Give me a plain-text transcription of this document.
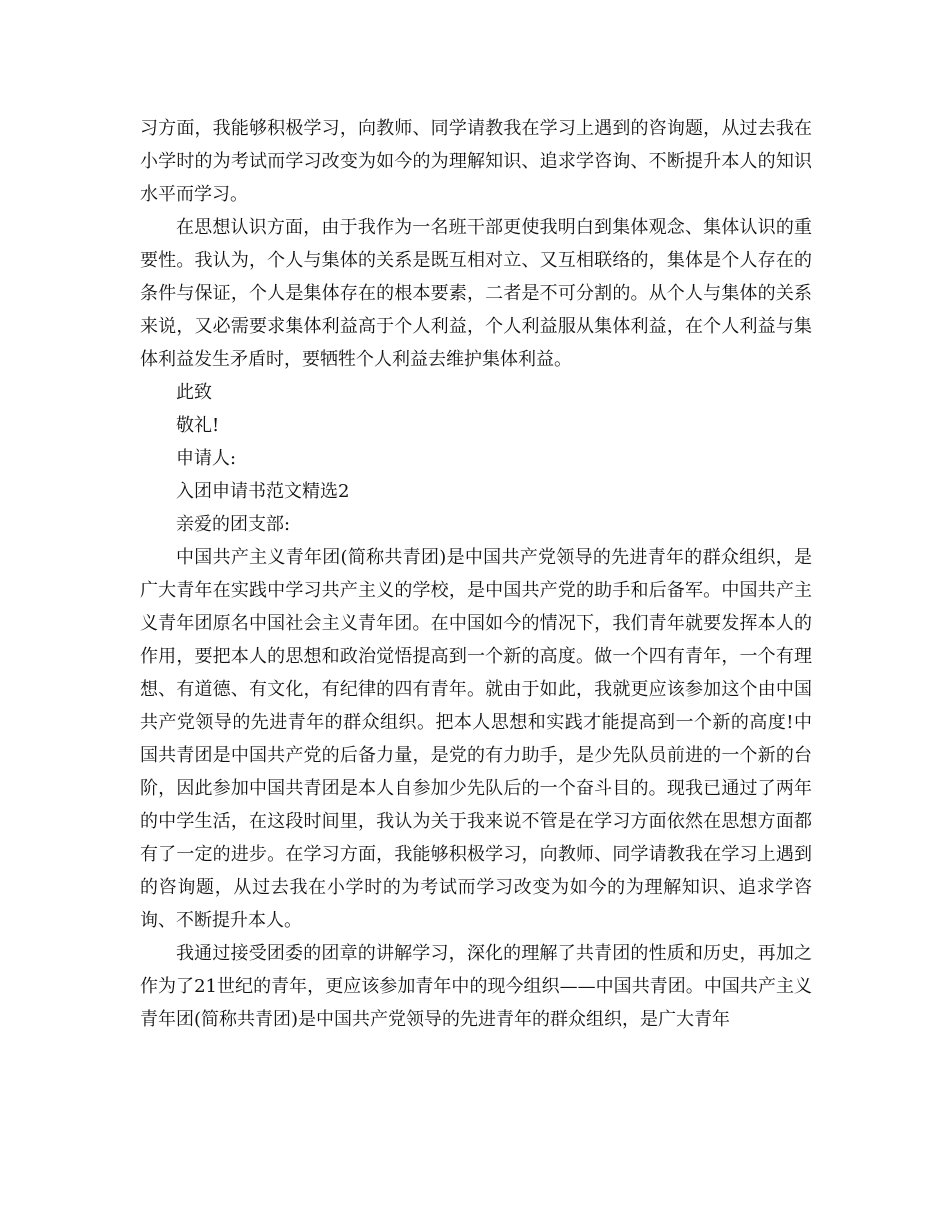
习方面，我能够积极学习，向教师、同学请教我在学习上遇到的咨询题，从过去我在小学时的为考试而学习改变为如今的为理解知识、追求学咨询、不断提升本人的知识水平而学习。

在思想认识方面，由于我作为一名班干部更使我明白到集体观念、集体认识的重要性。我认为，个人与集体的关系是既互相对立、又互相联络的，集体是个人存在的条件与保证，个人是集体存在的根本要素，二者是不可分割的。从个人与集体的关系来说，又必需要求集体利益高于个人利益，个人利益服从集体利益，在个人利益与集体利益发生矛盾时，要牺牲个人利益去维护集体利益。

此致

敬礼!

申请人:

入团申请书范文精选2

亲爱的团支部:

中国共产主义青年团(简称共青团)是中国共产党领导的先进青年的群众组织，是广大青年在实践中学习共产主义的学校，是中国共产党的助手和后备军。中国共产主义青年团原名中国社会主义青年团。在中国如今的情况下，我们青年就要发挥本人的作用，要把本人的思想和政治觉悟提高到一个新的高度。做一个四有青年，一个有理想、有道德、有文化，有纪律的四有青年。就由于如此，我就更应该参加这个由中国共产党领导的先进青年的群众组织。把本人思想和实践才能提高到一个新的高度!中国共青团是中国共产党的后备力量，是党的有力助手，是少先队员前进的一个新的台阶，因此参加中国共青团是本人自参加少先队后的一个奋斗目的。现我已通过了两年的中学生活，在这段时间里，我认为关于我来说不管是在学习方面依然在思想方面都有了一定的进步。在学习方面，我能够积极学习，向教师、同学请教我在学习上遇到的咨询题，从过去我在小学时的为考试而学习改变为如今的为理解知识、追求学咨询、不断提升本人。

我通过接受团委的团章的讲解学习，深化的理解了共青团的性质和历史，再加之作为了21世纪的青年，更应该参加青年中的现今组织——中国共青团。中国共产主义青年团(简称共青团)是中国共产党领导的先进青年的群众组织，是广大青年
